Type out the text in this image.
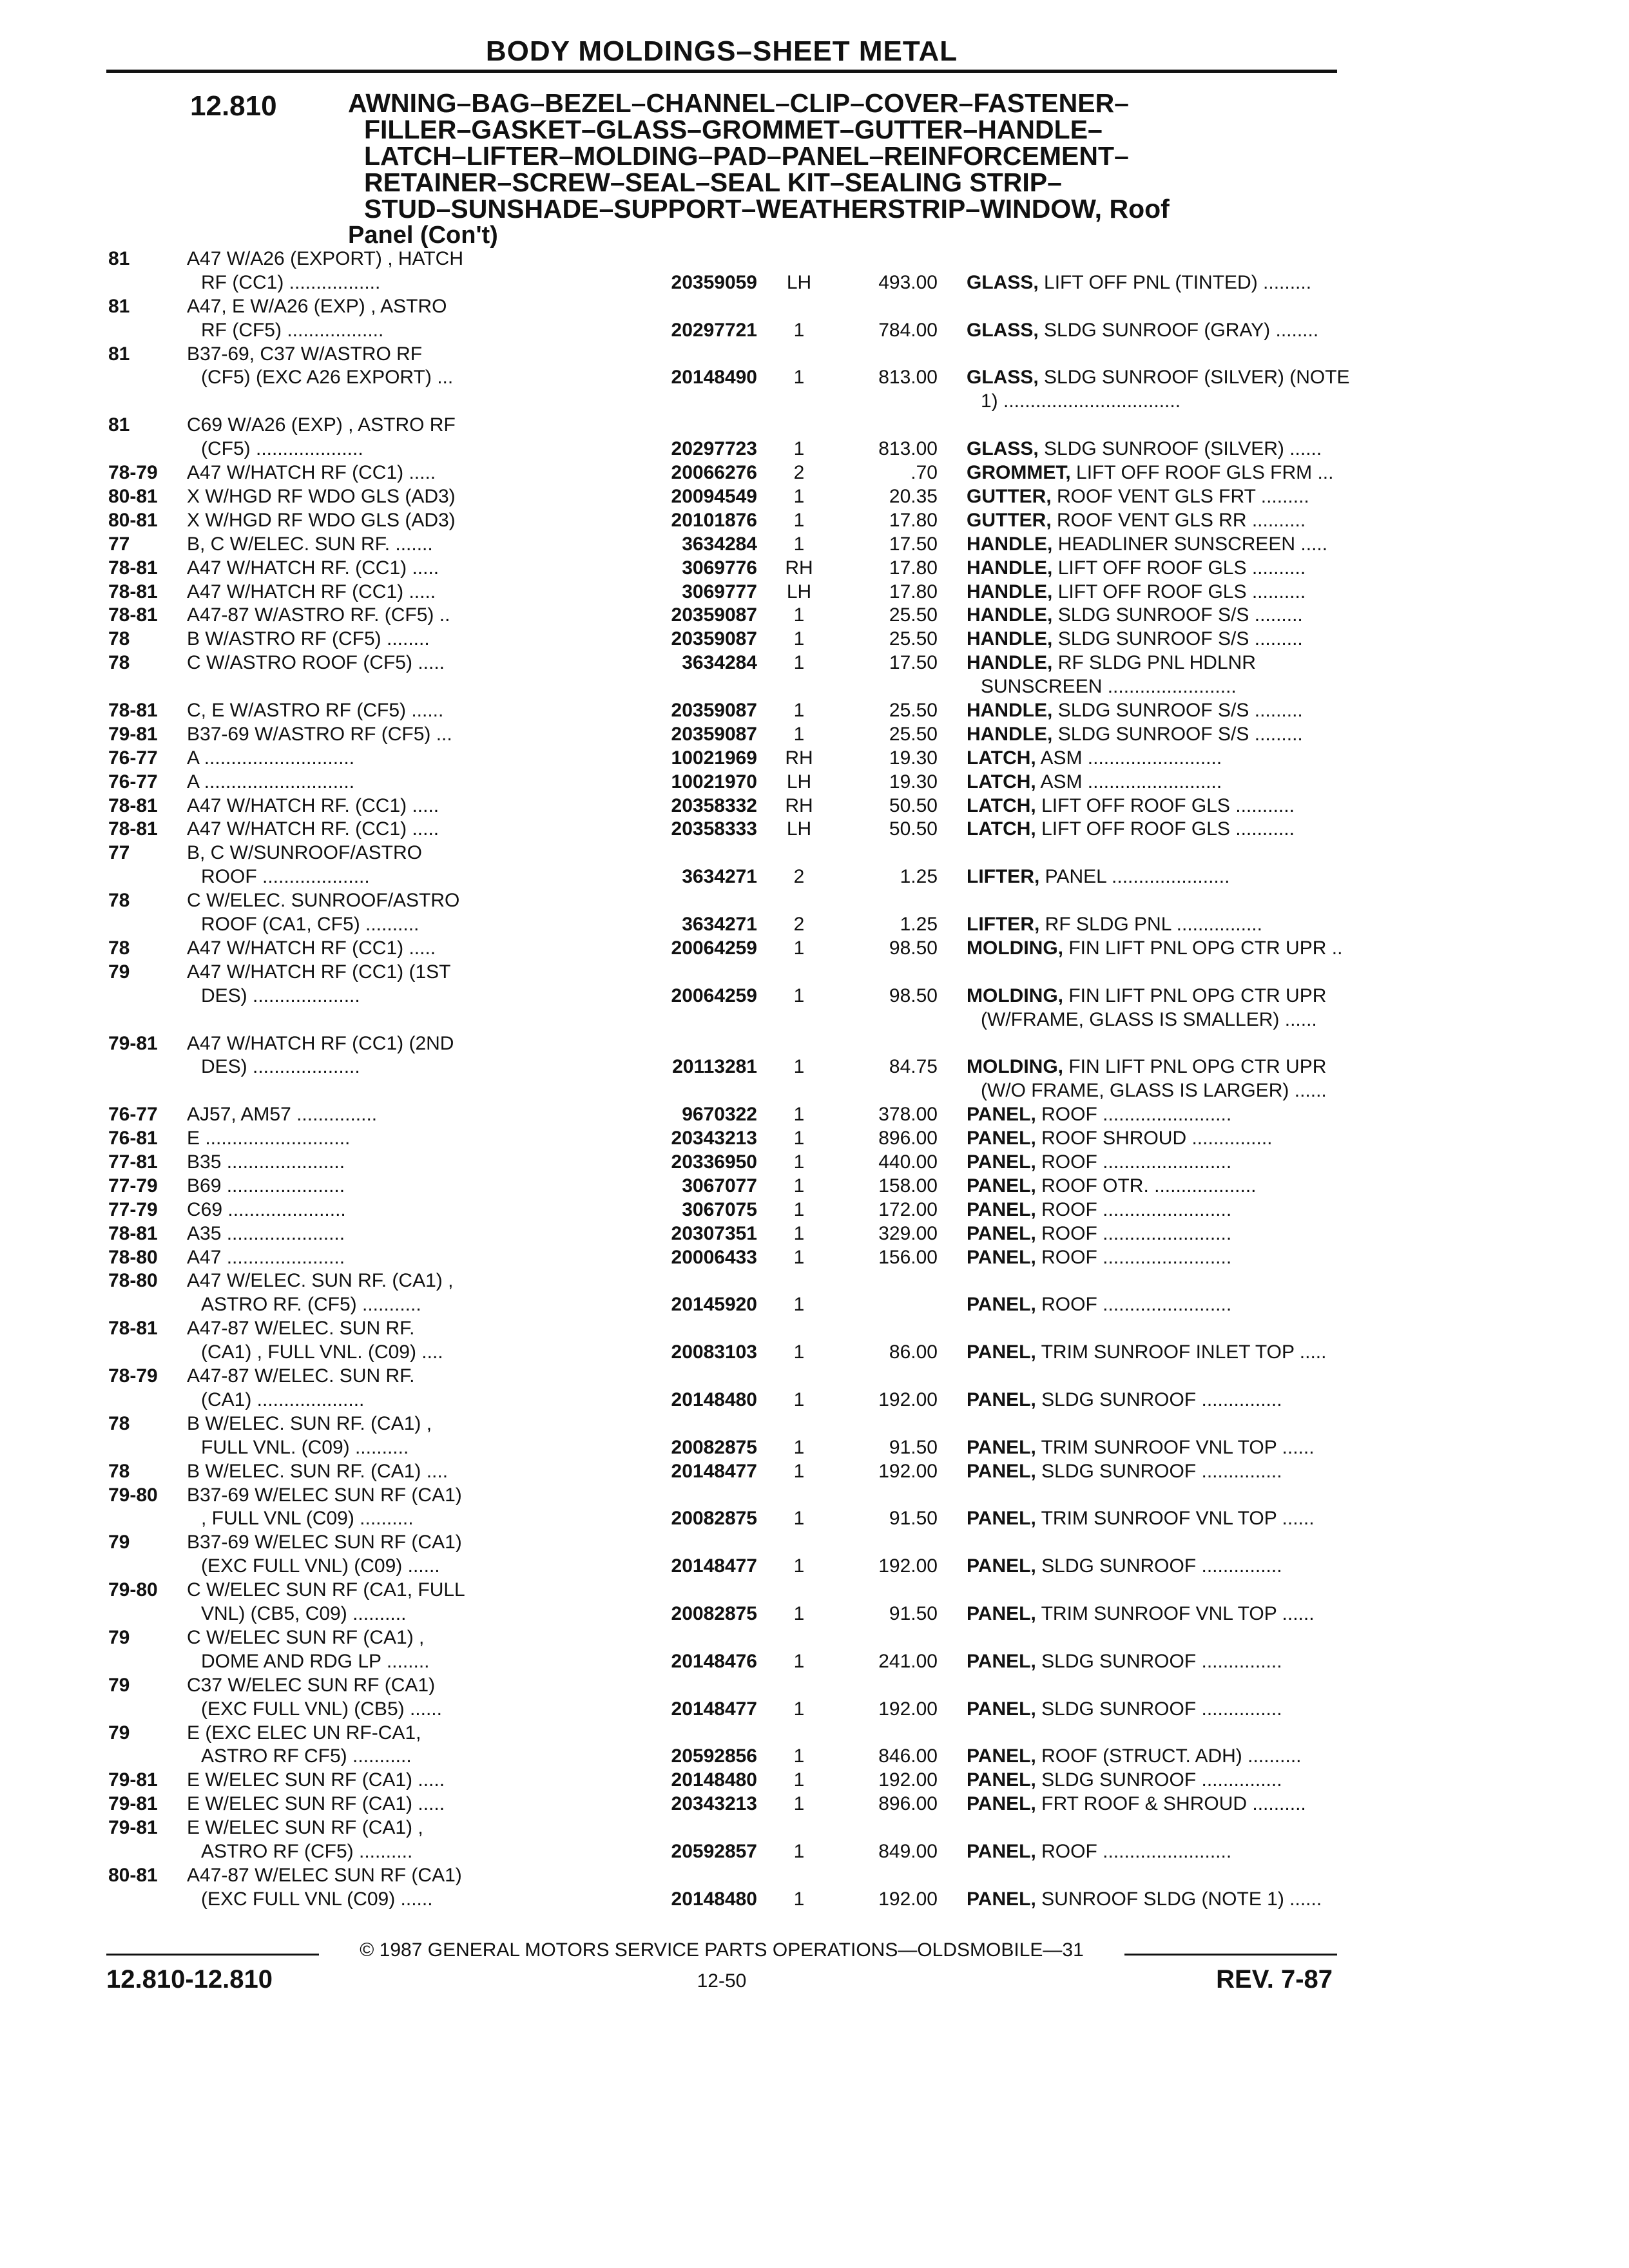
BODY MOLDINGS–SHEET METAL
12.810	AWNING–BAG–BEZEL–CHANNEL–CLIP–COVER–FASTENER–
FILLER–GASKET–GLASS–GROMMET–GUTTER–HANDLE–
LATCH–LIFTER–MOLDING–PAD–PANEL–REINFORCEMENT–
RETAINER–SCREW–SEAL–SEAL KIT–SEALING STRIP–
STUD–SUNSHADE–SUPPORT–WEATHERSTRIP–WINDOW, Roof
Panel (Con't)
81	A47 W/A26 (EXPORT) , HATCH
RF (CC1) .................	20359059	LH	493.00 GLASS, LIFT OFF PNL (TINTED) .........
81	A47, E W/A26 (EXP) , ASTRO
RF (CF5) ..................	20297721	1	784.00 GLASS, SLDG SUNROOF (GRAY) ........
81	B37-69, C37 W/ASTRO RF
(CF5) (EXC A26 EXPORT) ...	20148490	1	813.00 GLASS, SLDG SUNROOF (SILVER) (NOTE
1) .................................
81	C69 W/A26 (EXP) , ASTRO RF
(CF5) ....................	20297723	1	813.00 GLASS, SLDG SUNROOF (SILVER) ......
78-79 A47 W/HATCH RF (CC1) .....	20066276	2	.70 GROMMET, LIFT OFF ROOF GLS FRM ...
80-81 X W/HGD RF WDO GLS (AD3)	20094549	1	20.35 GUTTER, ROOF VENT GLS FRT .........
80-81 X W/HGD RF WDO GLS (AD3)	20101876	1	17.80 GUTTER, ROOF VENT GLS RR ..........
77	B, C W/ELEC. SUN RF. .......	3634284	1	17.50 HANDLE, HEADLINER SUNSCREEN .....
78-81 A47 W/HATCH RF. (CC1) .....	3069776	RH	17.80 HANDLE, LIFT OFF ROOF GLS ..........
78-81 A47 W/HATCH RF (CC1) .....	3069777	LH	17.80 HANDLE, LIFT OFF ROOF GLS ..........
78-81 A47-87 W/ASTRO RF. (CF5) ..	20359087	1	25.50 HANDLE, SLDG SUNROOF S/S .........
78	B W/ASTRO RF (CF5) ........	20359087	1	25.50 HANDLE, SLDG SUNROOF S/S .........
78	C W/ASTRO ROOF (CF5) .....	3634284	1	17.50 HANDLE, RF SLDG PNL HDLNR
SUNSCREEN ........................
78-81 C, E W/ASTRO RF (CF5) ......	20359087	1	25.50 HANDLE, SLDG SUNROOF S/S .........
79-81 B37-69 W/ASTRO RF (CF5) ...	20359087	1	25.50 HANDLE, SLDG SUNROOF S/S .........
76-77 A ............................	10021969	RH	19.30 LATCH, ASM .........................
76-77 A ............................	10021970	LH	19.30 LATCH, ASM .........................
78-81 A47 W/HATCH RF. (CC1) .....	20358332	RH	50.50 LATCH, LIFT OFF ROOF GLS ...........
78-81 A47 W/HATCH RF. (CC1) .....	20358333	LH	50.50 LATCH, LIFT OFF ROOF GLS ...........
77	B, C W/SUNROOF/ASTRO
ROOF ....................	3634271	2	1.25 LIFTER, PANEL ......................
78	C W/ELEC. SUNROOF/ASTRO
ROOF (CA1, CF5) ..........	3634271	2	1.25 LIFTER, RF SLDG PNL ................
78	A47 W/HATCH RF (CC1) .....	20064259	1	98.50 MOLDING, FIN LIFT PNL OPG CTR UPR ..
79	A47 W/HATCH RF (CC1) (1ST
DES) ....................	20064259	1	98.50 MOLDING, FIN LIFT PNL OPG CTR UPR
(W/FRAME, GLASS IS SMALLER) ......
79-81 A47 W/HATCH RF (CC1) (2ND
DES) ....................	20113281	1	84.75 MOLDING, FIN LIFT PNL OPG CTR UPR
(W/O FRAME, GLASS IS LARGER) ......
76-77 AJ57, AM57 ...............	9670322	1	378.00 PANEL, ROOF ........................
76-81 E ...........................	20343213	1	896.00 PANEL, ROOF SHROUD ...............
77-81 B35 ......................	20336950	1	440.00 PANEL, ROOF ........................
77-79 B69 ......................	3067077	1	158.00 PANEL, ROOF OTR. ...................
77-79 C69 ......................	3067075	1	172.00 PANEL, ROOF ........................
78-81 A35 ......................	20307351	1	329.00 PANEL, ROOF ........................
78-80 A47 ......................	20006433	1	156.00 PANEL, ROOF ........................
78-80 A47 W/ELEC. SUN RF. (CA1) ,
ASTRO RF. (CF5) ...........	20145920	1	PANEL, ROOF ........................
78-81 A47-87 W/ELEC. SUN RF.
(CA1) , FULL VNL. (C09) ....	20083103	1	86.00 PANEL, TRIM SUNROOF INLET TOP .....
78-79 A47-87 W/ELEC. SUN RF.
(CA1) ....................	20148480	1	192.00 PANEL, SLDG SUNROOF ...............
78	B W/ELEC. SUN RF. (CA1) ,
FULL VNL. (C09) ..........	20082875	1	91.50 PANEL, TRIM SUNROOF VNL TOP ......
78	B W/ELEC. SUN RF. (CA1) ....	20148477	1	192.00 PANEL, SLDG SUNROOF ...............
79-80 B37-69 W/ELEC SUN RF (CA1)
, FULL VNL (C09) ..........	20082875	1	91.50 PANEL, TRIM SUNROOF VNL TOP ......
79	B37-69 W/ELEC SUN RF (CA1)
(EXC FULL VNL) (C09) ......	20148477	1	192.00 PANEL, SLDG SUNROOF ...............
79-80 C W/ELEC SUN RF (CA1, FULL
VNL) (CB5, C09) ..........	20082875	1	91.50 PANEL, TRIM SUNROOF VNL TOP ......
79	C W/ELEC SUN RF (CA1) ,
DOME AND RDG LP ........	20148476	1	241.00 PANEL, SLDG SUNROOF ...............
79	C37 W/ELEC SUN RF (CA1)
(EXC FULL VNL) (CB5) ......	20148477	1	192.00 PANEL, SLDG SUNROOF ...............
79	E (EXC ELEC UN RF-CA1,
ASTRO RF CF5) ...........	20592856	1	846.00 PANEL, ROOF (STRUCT. ADH) ..........
79-81 E W/ELEC SUN RF (CA1) .....	20148480	1	192.00 PANEL, SLDG SUNROOF ...............
79-81 E W/ELEC SUN RF (CA1) .....	20343213	1	896.00 PANEL, FRT ROOF & SHROUD ..........
79-81 E W/ELEC SUN RF (CA1) ,
ASTRO RF (CF5) ..........	20592857	1	849.00 PANEL, ROOF ........................
80-81 A47-87 W/ELEC SUN RF (CA1)
(EXC FULL VNL (C09) ......	20148480	1	192.00 PANEL, SUNROOF SLDG (NOTE 1) ......
© 1987 GENERAL MOTORS SERVICE PARTS OPERATIONS—OLDSMOBILE—31
12.810-12.810	12-50	REV. 7-87
